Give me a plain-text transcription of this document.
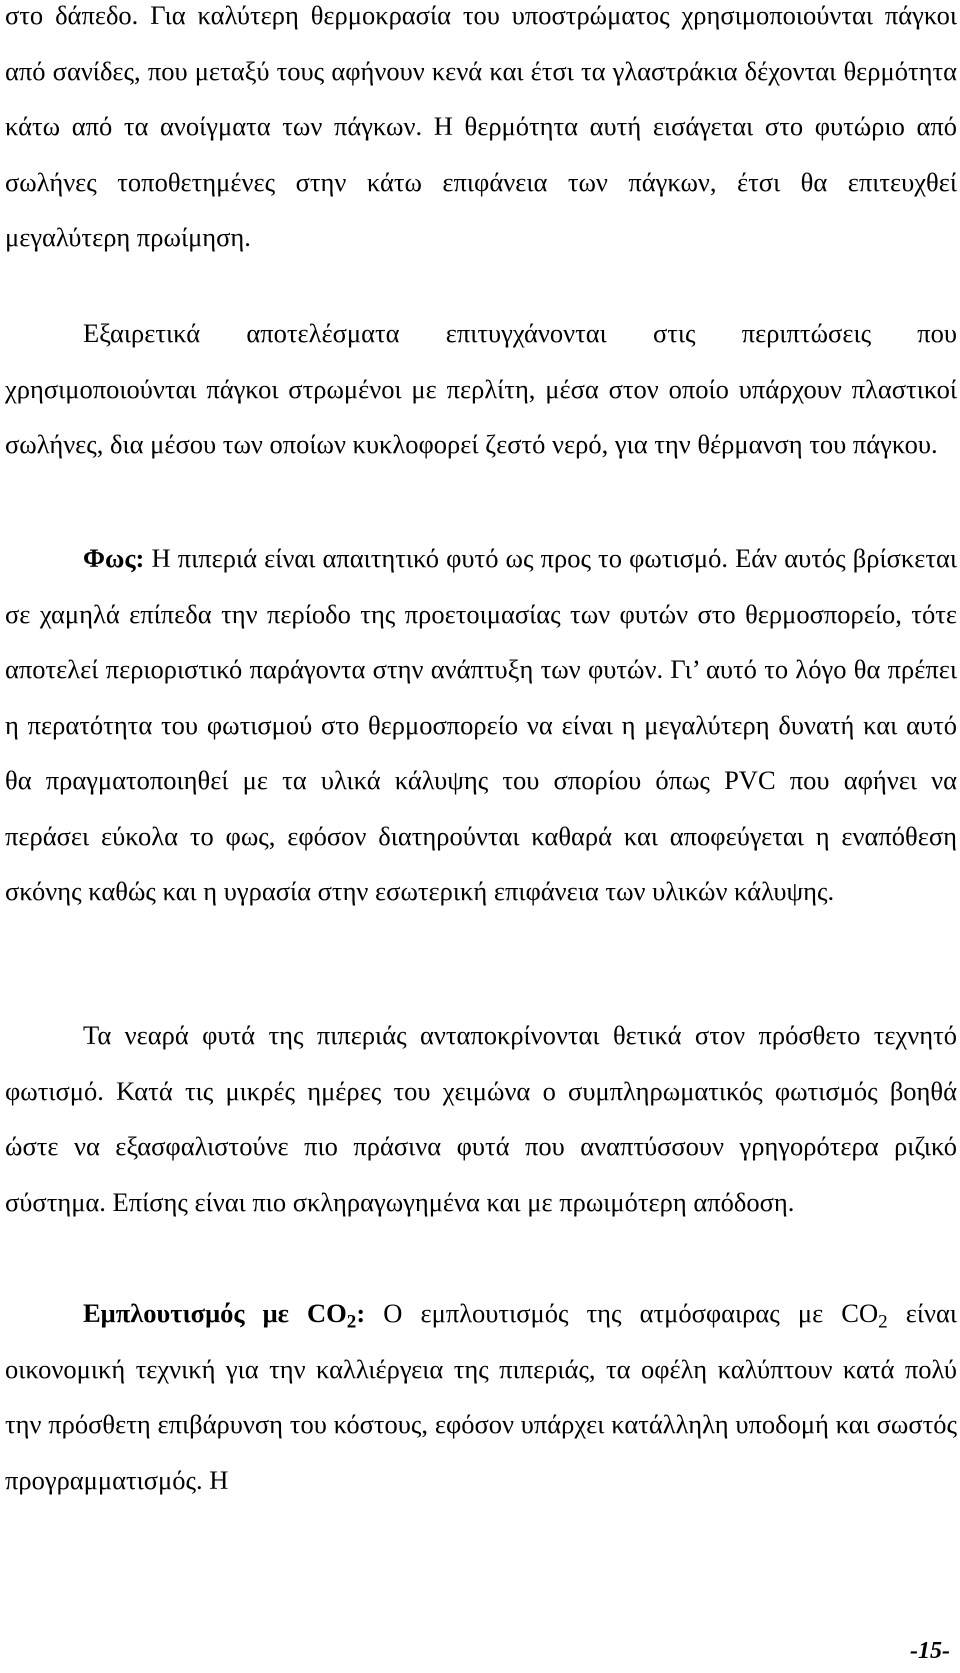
στο δάπεδο. Για καλύτερη θερμοκρασία του υποστρώματος χρησιμοποιούνται πάγκοι από σανίδες, που μεταξύ τους αφήνουν κενά και έτσι τα γλαστράκια δέχονται θερμότητα κάτω από τα ανοίγματα των πάγκων. Η θερμότητα αυτή εισάγεται στο φυτώριο από σωλήνες τοποθετημένες στην κάτω επιφάνεια των πάγκων, έτσι θα επιτευχθεί μεγαλύτερη πρωίμηση.

Εξαιρετικά αποτελέσματα επιτυγχάνονται στις περιπτώσεις που χρησιμοποιούνται πάγκοι στρωμένοι με περλίτη, μέσα στον οποίο υπάρχουν πλαστικοί σωλήνες, δια μέσου των οποίων κυκλοφορεί ζεστό νερό, για την θέρμανση του πάγκου.

Φως: Η πιπεριά είναι απαιτητικό φυτό ως προς το φωτισμό. Εάν αυτός βρίσκεται σε χαμηλά επίπεδα την περίοδο της προετοιμασίας των φυτών στο θερμοσπορείο, τότε αποτελεί περιοριστικό παράγοντα στην ανάπτυξη των φυτών. Γι’ αυτό το λόγο θα πρέπει η περατότητα του φωτισμού στο θερμοσπορείο να είναι η μεγαλύτερη δυνατή και αυτό θα πραγματοποιηθεί με τα υλικά κάλυψης του σπορίου όπως PVC που αφήνει να περάσει εύκολα το φως, εφόσον διατηρούνται καθαρά και αποφεύγεται η εναπόθεση σκόνης καθώς και η υγρασία στην εσωτερική επιφάνεια των υλικών κάλυψης.

Τα νεαρά φυτά της πιπεριάς ανταποκρίνονται θετικά στον πρόσθετο τεχνητό φωτισμό. Κατά τις μικρές ημέρες του χειμώνα ο συμπληρωματικός φωτισμός βοηθά ώστε να εξασφαλιστούνε πιο πράσινα φυτά που αναπτύσσουν γρηγορότερα ριζικό σύστημα. Επίσης είναι πιο σκληραγωγημένα και με πρωιμότερη απόδοση.

Εμπλουτισμός με $CO_2$: Ο εμπλουτισμός της ατμόσφαιρας με $CO_2$ είναι οικονομική τεχνική για την καλλιέργεια της πιπεριάς, τα οφέλη καλύπτουν κατά πολύ την πρόσθετη επιβάρυνση του κόστους, εφόσον υπάρχει κατάλληλη υποδομή και σωστός προγραμματισμός. Η

-15-
